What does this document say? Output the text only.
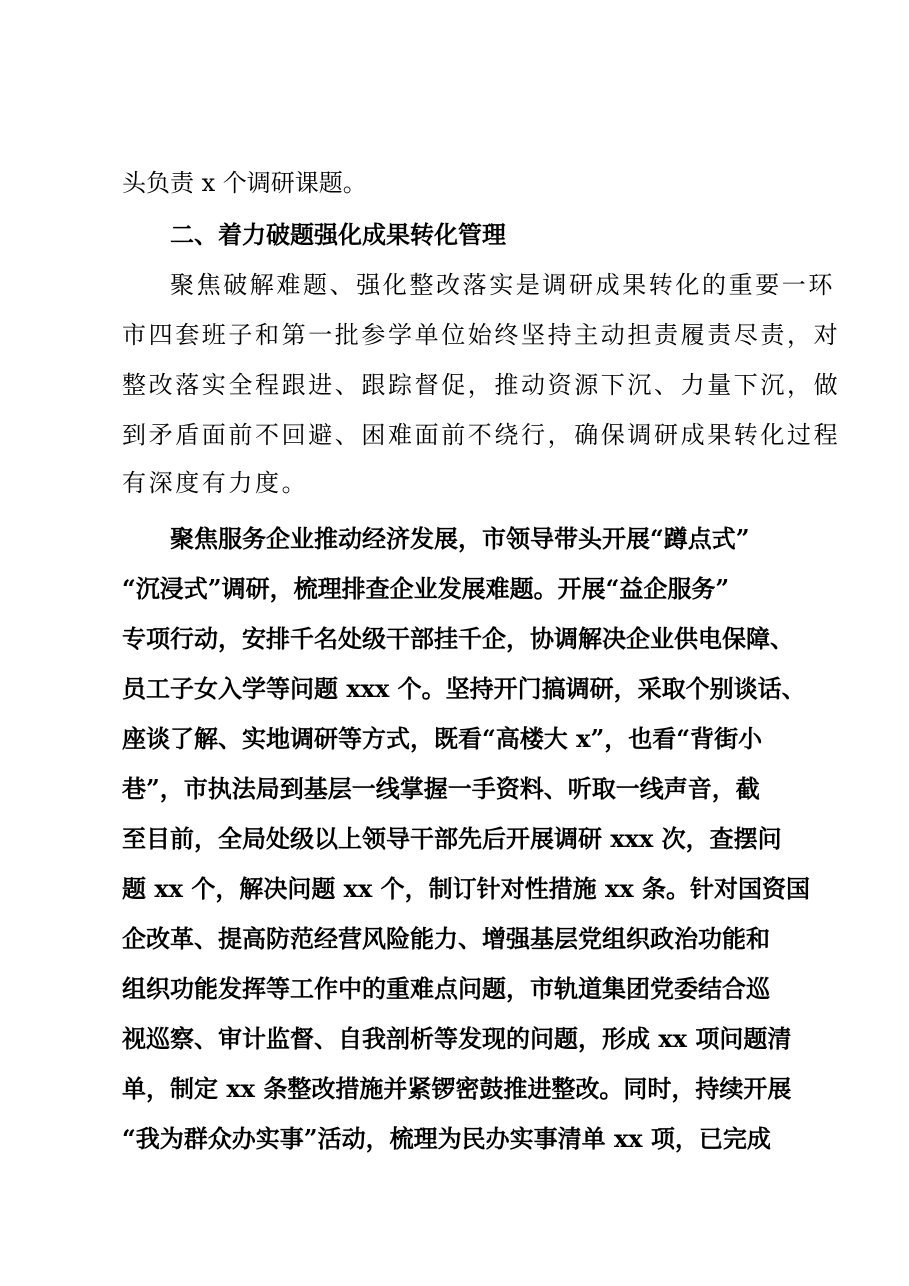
头负责 x 个调研课题。
二、着力破题强化成果转化管理
聚焦破解难题、强化整改落实是调研成果转化的重要一环
市四套班子和第一批参学单位始终坚持主动担责履责尽责，对
整改落实全程跟进、跟踪督促，推动资源下沉、力量下沉，做
到矛盾面前不回避、困难面前不绕行，确保调研成果转化过程
有深度有力度。
聚焦服务企业推动经济发展，市领导带头开展“蹲点式”
“沉浸式”调研，梳理排查企业发展难题。开展“益企服务”
专项行动，安排千名处级干部挂千企，协调解决企业供电保障、
员工子女入学等问题 xxx 个。坚持开门搞调研，采取个别谈话、
座谈了解、实地调研等方式，既看“高楼大 x”，也看“背街小
巷”，市执法局到基层一线掌握一手资料、听取一线声音，截
至目前，全局处级以上领导干部先后开展调研 xxx 次，查摆问
题 xx 个，解决问题 xx 个，制订针对性措施 xx 条。针对国资国
企改革、提高防范经营风险能力、增强基层党组织政治功能和
组织功能发挥等工作中的重难点问题，市轨道集团党委结合巡
视巡察、审计监督、自我剖析等发现的问题，形成 xx 项问题清
单，制定 xx 条整改措施并紧锣密鼓推进整改。同时，持续开展
“我为群众办实事”活动，梳理为民办实事清单 xx 项，已完成
